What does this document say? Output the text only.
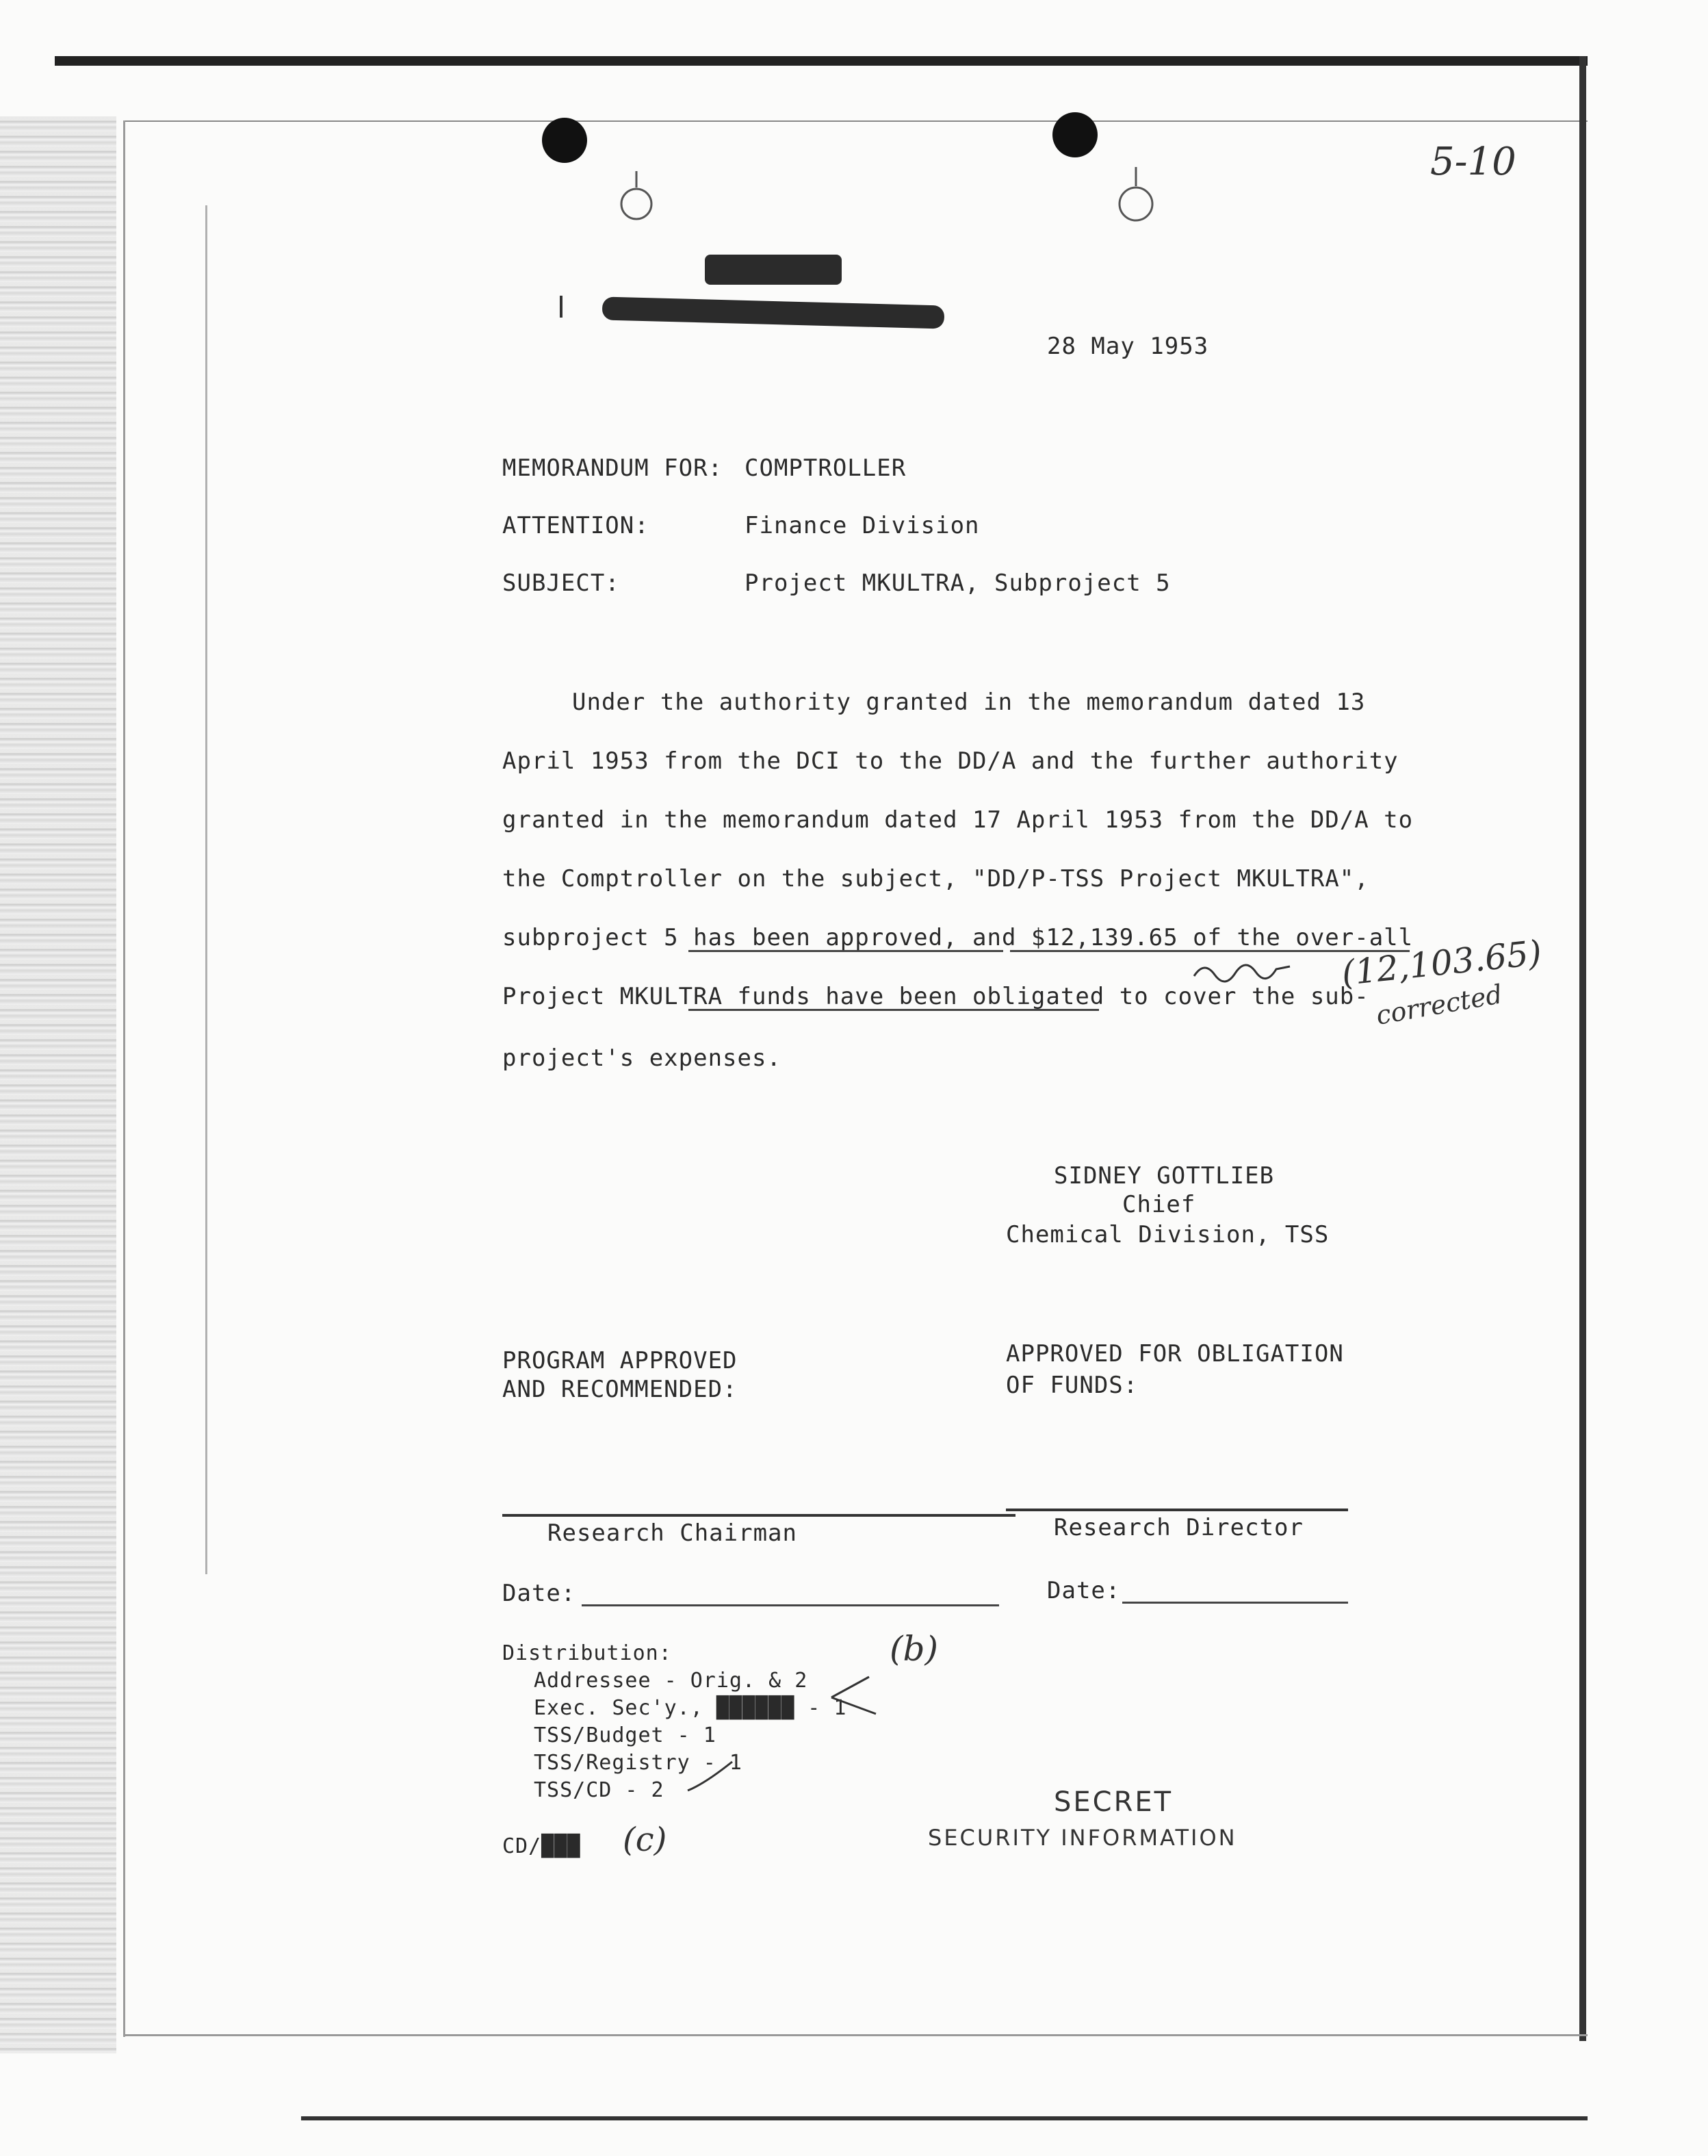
5-10
28 May 1953
MEMORANDUM FOR: COMPTROLLER
ATTENTION:	Finance Division
SUBJECT:	Project MKULTRA, Subproject 5
Under the authority granted in the memorandum dated 13
April 1953 from the DCI to the DD/A and the further authority
granted in the memorandum dated 17 April 1953 from the DD/A to
the Comptroller on the subject, "DD/P-TSS Project MKULTRA",
subproject 5 has been approved, and $12,139.65 of the over-all
Project MKULTRA funds have been obligated to cover the sub-
project's expenses.
(12,103.65)
corrected
SIDNEY GOTTLIEB
Chief
Chemical Division, TSS
PROGRAM APPROVED
AND RECOMMENDED:
APPROVED FOR OBLIGATION
OF FUNDS:
Research Chairman	Research Director
Date:	Date:
Distribution:
Addressee - Orig. & 2
Exec. Sec'y., ██████ - 1
TSS/Budget - 1
TSS/Registry - 1
TSS/CD - 2
CD/███
(b)
(c)
SECRET
SECURITY INFORMATION
